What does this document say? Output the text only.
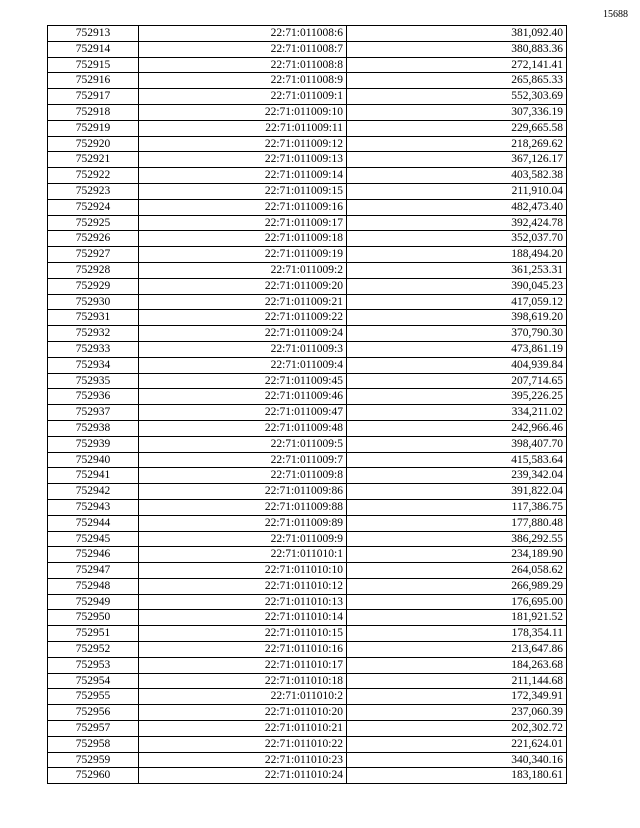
15688
752913	22:71:011008:6	381,092.40
752914	22:71:011008:7	380,883.36
752915	22:71:011008:8	272,141.41
752916	22:71:011008:9	265,865.33
752917	22:71:011009:1	552,303.69
752918	22:71:011009:10	307,336.19
752919	22:71:011009:11	229,665.58
752920	22:71:011009:12	218,269.62
752921	22:71:011009:13	367,126.17
752922	22:71:011009:14	403,582.38
752923	22:71:011009:15	211,910.04
752924	22:71:011009:16	482,473.40
752925	22:71:011009:17	392,424.78
752926	22:71:011009:18	352,037.70
752927	22:71:011009:19	188,494.20
752928	22:71:011009:2	361,253.31
752929	22:71:011009:20	390,045.23
752930	22:71:011009:21	417,059.12
752931	22:71:011009:22	398,619.20
752932	22:71:011009:24	370,790.30
752933	22:71:011009:3	473,861.19
752934	22:71:011009:4	404,939.84
752935	22:71:011009:45	207,714.65
752936	22:71:011009:46	395,226.25
752937	22:71:011009:47	334,211.02
752938	22:71:011009:48	242,966.46
752939	22:71:011009:5	398,407.70
752940	22:71:011009:7	415,583.64
752941	22:71:011009:8	239,342.04
752942	22:71:011009:86	391,822.04
752943	22:71:011009:88	117,386.75
752944	22:71:011009:89	177,880.48
752945	22:71:011009:9	386,292.55
752946	22:71:011010:1	234,189.90
752947	22:71:011010:10	264,058.62
752948	22:71:011010:12	266,989.29
752949	22:71:011010:13	176,695.00
752950	22:71:011010:14	181,921.52
752951	22:71:011010:15	178,354.11
752952	22:71:011010:16	213,647.86
752953	22:71:011010:17	184,263.68
752954	22:71:011010:18	211,144.68
752955	22:71:011010:2	172,349.91
752956	22:71:011010:20	237,060.39
752957	22:71:011010:21	202,302.72
752958	22:71:011010:22	221,624.01
752959	22:71:011010:23	340,340.16
752960	22:71:011010:24	183,180.61
